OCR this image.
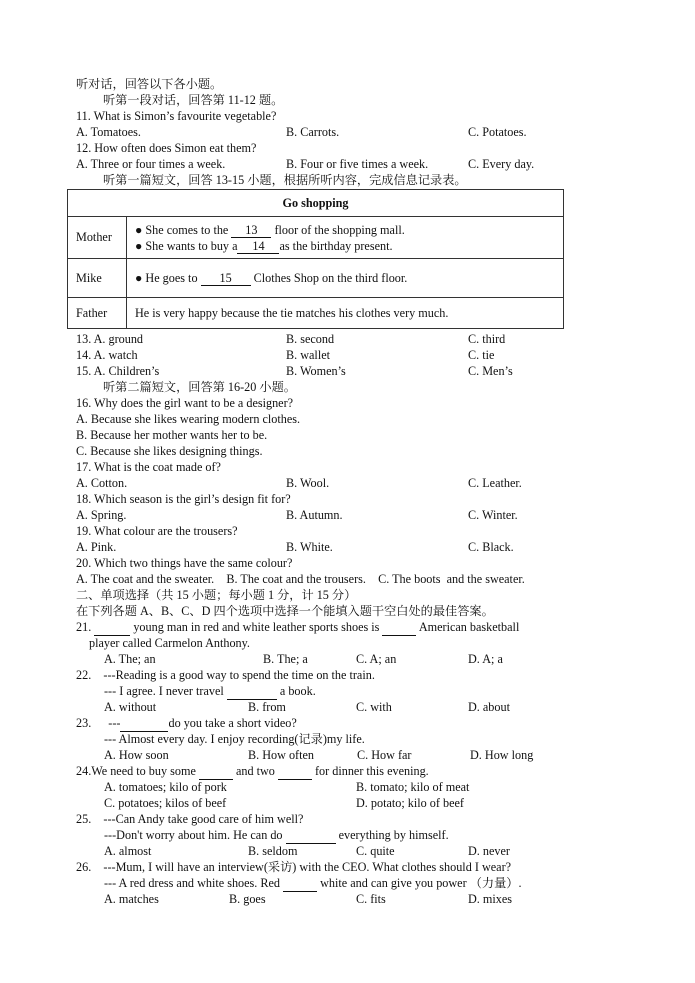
听对话，回答以下各小题。
听第一段对话，回答第 11-12 题。
11. What is Simon’s favourite vegetable?
A. Tomatoes.	B. Carrots.	C. Potatoes.
12. How often does Simon eat them?
A. Three or four times a week.	B. Four or five times a week.	C. Every day.
听第一篇短文，回答 13-15 小题，根据所听内容，完成信息记录表。
Go shopping	
Mother	● She comes to the 13 floor of the shopping mall.
● She wants to buy a 14 as the birthday present.

Mike	● He goes to 15 Clothes Shop on the third floor.
Father	He is very happy because the tie matches his clothes very much.
13. A. ground	B. second	C. third
14. A. watch	B. wallet	C. tie
15. A. Children’s	B. Women’s	C. Men’s
听第二篇短文，回答第 16-20 小题。
16. Why does the girl want to be a designer?
A. Because she likes wearing modern clothes.
B. Because her mother wants her to be.
C. Because she likes designing things.
17. What is the coat made of?
A. Cotton.	B. Wool.	C. Leather.
18. Which season is the girl’s design fit for?
A. Spring.	B. Autumn.	C. Winter.
19. What colour are the trousers?
A. Pink.	B. White.	C. Black.
20. Which two things have the same colour?
A. The coat and the sweater.    B. The coat and the trousers.    C. The boots  and the sweater.
二、单项选择（共 15 小题；每小题 1 分，计 15 分）
在下列各题 A、B、C、D 四个选项中选择一个能填入题干空白处的最佳答案。
21.	young man in red and white leather sports shoes is	American basketball
player called Carmelon Anthony.
A. The; an	B. The; a	C. A; an	D. A; a
22.    ---Reading is a good way to spend the time on the train.
--- I agree. I never travel	a book.
A. without	B. from	C. with	D. about
23. ---	do you take a short video?
--- Almost every day. I enjoy recording(记录)my life.
A. How soon	B. How often	C. How far	D. How long
24.We need to buy some	and two	for dinner this evening.
A. tomatoes; kilo of pork	B. tomato; kilo of meat
C. potatoes; kilos of beef	D. potato; kilo of beef
25.    ---Can Andy take good care of him well?
---Don't worry about him. He can do	everything by himself.
A. almost	B. seldom	C. quite	D. never
26.    ---Mum, I will have an interview(采访) with the CEO. What clothes should I wear?
--- A red dress and white shoes. Red	white and can give you power （力量）.
A. matches	B. goes	C. fits	D. mixes
